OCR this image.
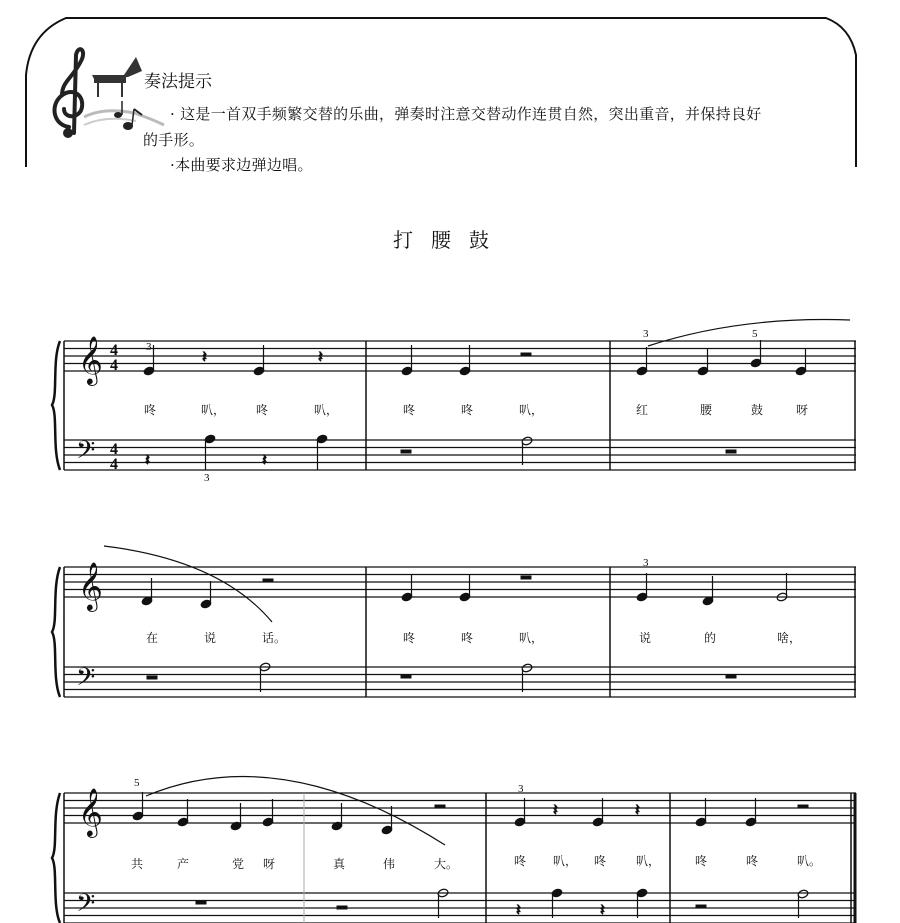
奏法提示
· 这是一首双手频繁交替的乐曲，弹奏时注意交替动作连贯自然，突出重音，并保持良好
的手形。
·本曲要求边弹边唱。
打腰鼓
𝄞
𝄢
4
4
4
4
𝄽	𝄽
𝄽	𝄽
3
3
3	5
咚	叭，	咚	叭，	咚	咚	叭，	红	腰	鼓	呀
𝄞
𝄢
3
在	说	话。	咚	咚	叭，	说	的	啥，
𝄞
𝄢
𝄽	𝄽
𝄽	𝄽
5	3
共	产	党 呀	真	伟	大。	咚 叭， 咚 叭，	咚	咚	叭。
